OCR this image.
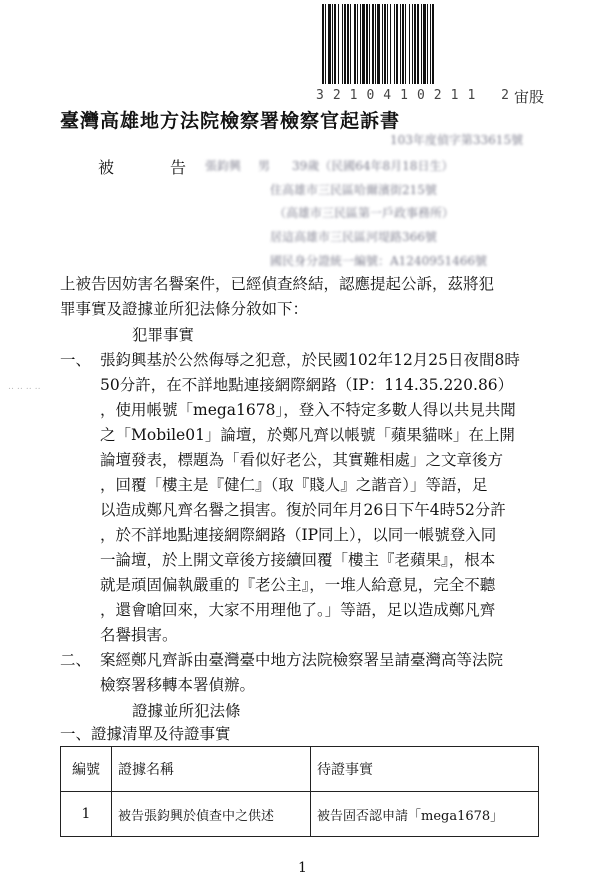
3210410211 2
宙股
臺灣高雄地方法院檢察署檢察官起訴書
103年度偵字第33615號
被	告 張鈞興 男 39歲（民國64年8月18日生）
住高雄市三民區哈爾濱街215號
（高雄市三民區第一戶政事務所）
居這高雄市三民區河堤路366號
國民身分證統一編號：A1240951466號
上被告因妨害名譽案件，已經偵查終結，認應提起公訴，茲將犯
罪事實及證據並所犯法條分敘如下：
犯罪事實
一、 張鈞興基於公然侮辱之犯意，於民國102年12月25日夜間8時
50分許，在不詳地點連接網際網路（IP：114.35.220.86）
，使用帳號「mega1678」，登入不特定多數人得以共見共聞
之「Mobile01」論壇，於鄭凡齊以帳號「蘋果貓咪」在上開
論壇發表，標題為「看似好老公，其實難相處」之文章後方
，回覆「樓主是『健仁』（取『賤人』之諧音）」等語，足
以造成鄭凡齊名譽之損害。復於同年月26日下午4時52分許
，於不詳地點連接網際網路（IP同上），以同一帳號登入同
一論壇，於上開文章後方接續回覆「樓主『老蘋果』，根本
就是頑固偏執嚴重的『老公主』，一堆人給意見，完全不聽
，還會嗆回來，大家不用理他了。」等語，足以造成鄭凡齊
名譽損害。
二、 案經鄭凡齊訴由臺灣臺中地方法院檢察署呈請臺灣高等法院
檢察署移轉本署偵辦。
證據並所犯法條
一、證據清單及待證事實
編號	證據名稱	待證事實
1	被告張鈞興於偵查中之供述	被告固否認申請「mega1678」
‥ ‥ ‥ ‥
1
